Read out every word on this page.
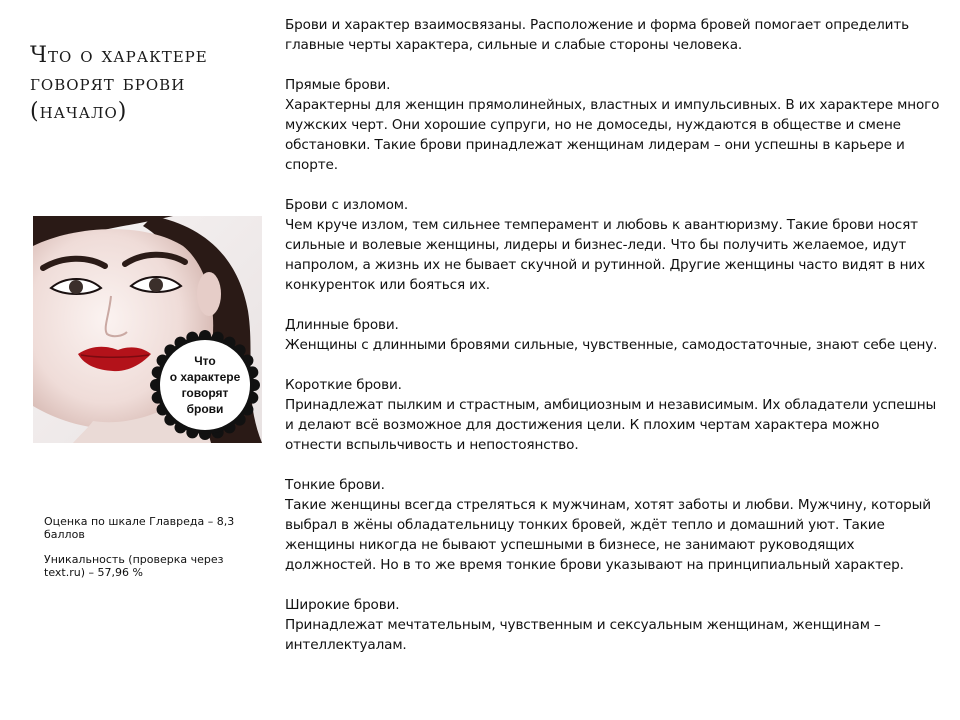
Что о характере говорят брови (начало)
Что
о характере
говорят
брови

Оценка по шкале Главреда – 8,3 баллов

Уникальность (проверка через text.ru) – 57,96 %

Брови и характер взаимосвязаны. Расположение и форма бровей помогает определить главные черты характера, сильные и слабые стороны человека.

Прямые брови.
Характерны для женщин прямолинейных, властных и импульсивных. В их характере много мужских черт. Они хорошие супруги, но не домоседы, нуждаются в обществе и смене обстановки. Такие брови принадлежат женщинам лидерам – они успешны в карьере и спорте.

Брови с изломом.
Чем круче излом, тем сильнее темперамент и любовь к авантюризму. Такие брови носят сильные и волевые женщины, лидеры и бизнес-леди. Что бы получить желаемое, идут напролом, а жизнь их не бывает скучной и рутинной. Другие женщины часто видят в них конкуренток или бояться их.

Длинные брови.
Женщины с длинными бровями сильные, чувственные, самодостаточные, знают себе цену.

Короткие брови.
Принадлежат пылким и страстным, амбициозным и независимым. Их обладатели успешны и делают всё возможное для достижения цели. К плохим чертам характера можно отнести вспыльчивость и непостоянство.

Тонкие брови.
Такие женщины всегда стреляться к мужчинам, хотят заботы и любви. Мужчину, который выбрал в жёны обладательницу тонких бровей, ждёт тепло и домашний уют. Такие женщины никогда не бывают успешными в бизнесе, не занимают руководящих должностей. Но в то же время тонкие брови указывают на принципиальный характер.

Широкие брови.
Принадлежат мечтательным, чувственным и сексуальным женщинам, женщинам – интеллектуалам.
